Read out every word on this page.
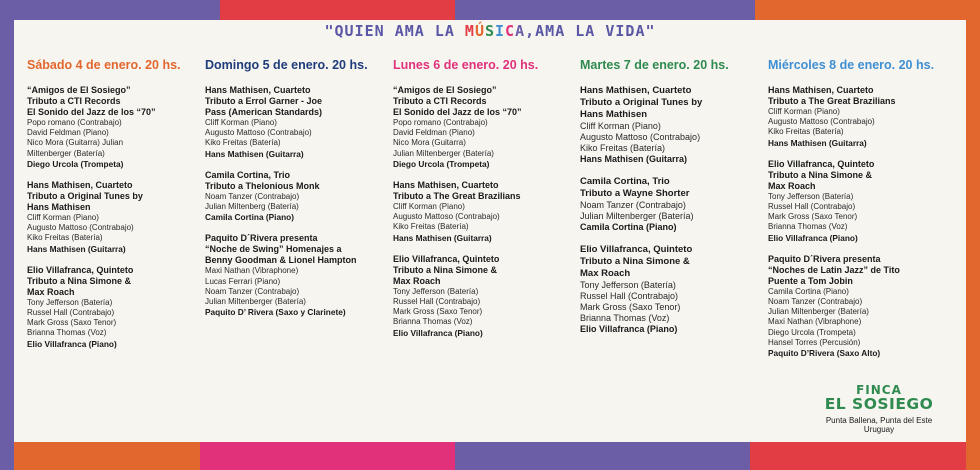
"QUIEN AMA LA MÚSICA,AMA LA VIDA"
Sábado 4 de enero. 20 hs.
“Amigos de El Sosiego”
Tributo a CTI Records
El Sonido del Jazz de los “70”
Popo romano (Contrabajo)
David Feldman (Piano)
Nico Mora (Guitarra) Julian
Miltenberger (Batería)
Diego Urcola (Trompeta)
Hans Mathisen, Cuarteto
Tributo a Original Tunes by
Hans Mathisen
Cliff Korman (Piano)
Augusto Mattoso (Contrabajo)
Kiko Freitas (Batería)
Hans Mathisen (Guitarra)
Elio Villafranca, Quinteto
Tributo a Nina Simone &
Max Roach
Tony Jefferson (Batería)
Russel Hall (Contrabajo)
Mark Gross (Saxo Tenor)
Brianna Thomas (Voz)
Elio Villafranca (Piano)
Domingo 5 de enero. 20 hs.
Hans Mathisen, Cuarteto
Tributo a Errol Garner - Joe
Pass (American Standards)
Cliff Korman (Piano)
Augusto Mattoso (Contrabajo)
Kiko Freitas (Batería)
Hans Mathisen (Guitarra)
Camila Cortina, Trio
Tributo a Thelonious Monk
Noam Tanzer (Contrabajo)
Julian Miltenberg (Batería)
Camila Cortina (Piano)
Paquito D´Rivera presenta
“Noche de Swing” Homenajes a
Benny Goodman & Lionel Hampton
Maxi Nathan (Vibraphone)
Lucas Ferrari (Piano)
Noam Tanzer (Contrabajo)
Julian Miltenberger (Batería)
Paquito D’ Rivera (Saxo y Clarinete)
Lunes 6 de enero. 20 hs.
“Amigos de El Sosiego”
Tributo a CTI Records
El Sonido del Jazz de los “70”
Popo romano (Contrabajo)
David Feldman (Piano)
Nico Mora (Guitarra)
Julian Miltenberger (Batería)
Diego Urcola (Trompeta)
Hans Mathisen, Cuarteto
Tributo a The Great Brazilians
Cliff Korman (Piano)
Augusto Mattoso (Contrabajo)
Kiko Freitas (Batería)
Hans Mathisen (Guitarra)
Elio Villafranca, Quinteto
Tributo a Nina Simone &
Max Roach
Tony Jefferson (Batería)
Russel Hall (Contrabajo)
Mark Gross (Saxo Tenor)
Brianna Thomas (Voz)
Elio Villafranca (Piano)
Martes 7 de enero. 20 hs.
Hans Mathisen, Cuarteto
Tributo a Original Tunes by
Hans Mathisen
Cliff Korman (Piano)
Augusto Mattoso (Contrabajo)
Kiko Freitas (Batería)
Hans Mathisen (Guitarra)
Camila Cortina, Trio
Tributo a Wayne Shorter
Noam Tanzer (Contrabajo)
Julian Miltenberger (Batería)
Camila Cortina (Piano)
Elio Villafranca, Quinteto
Tributo a Nina Simone &
Max Roach
Tony Jefferson (Batería)
Russel Hall (Contrabajo)
Mark Gross (Saxo Tenor)
Brianna Thomas (Voz)
Elio Villafranca (Piano)
Miércoles 8 de enero. 20 hs.
Hans Mathisen, Cuarteto
Tributo a The Great Brazilians
Cliff Korman (Piano)
Augusto Mattoso (Contrabajo)
Kiko Freitas (Batería)
Hans Mathisen (Guitarra)
Elio Villafranca, Quinteto
Tributo a Nina Simone &
Max Roach
Tony Jefferson (Batería)
Russel Hall (Contrabajo)
Mark Gross (Saxo Tenor)
Brianna Thomas (Voz)
Elio Villafranca (Piano)
Paquito D´Rivera presenta
“Noches de Latin Jazz” de Tito
Puente a Tom Jobin
Camila Cortina (Piano)
Noam Tanzer (Contrabajo)
Julian Miltenberger (Batería)
Maxi Nathan (Vibraphone)
Diego Urcola (Trompeta)
Hansel Torres (Percusión)
Paquito D’Rivera (Saxo Alto)
FINCA
EL SOSIEGO
Punta Ballena, Punta del Este
Uruguay
